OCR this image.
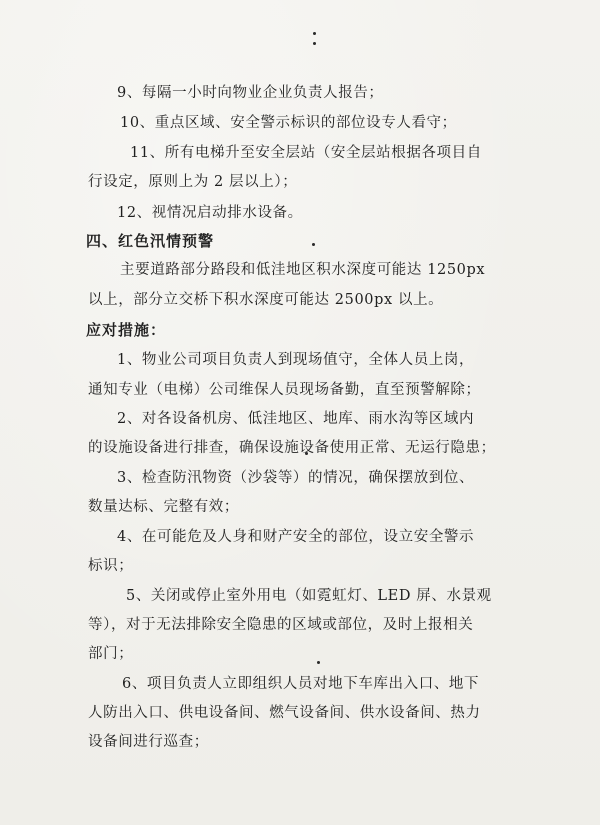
9、每隔一小时向物业企业负责人报告；
10、重点区域、安全警示标识的部位设专人看守；
11、所有电梯升至安全层站（安全层站根据各项目自
行设定，原则上为 2 层以上）；
12、视情况启动排水设备。
四、红色汛情预警
主要道路部分路段和低洼地区积水深度可能达 1250px
以上，部分立交桥下积水深度可能达 2500px 以上。
应对措施：
1、物业公司项目负责人到现场值守，全体人员上岗，
通知专业（电梯）公司维保人员现场备勤，直至预警解除；
2、对各设备机房、低洼地区、地库、雨水沟等区域内
的设施设备进行排查，确保设施设备使用正常、无运行隐患；
3、检查防汛物资（沙袋等）的情况，确保摆放到位、
数量达标、完整有效；
4、在可能危及人身和财产安全的部位，设立安全警示
标识；
5、关闭或停止室外用电（如霓虹灯、LED 屏、水景观
等），对于无法排除安全隐患的区域或部位，及时上报相关
部门；
6、项目负责人立即组织人员对地下车库出入口、地下
人防出入口、供电设备间、燃气设备间、供水设备间、热力
设备间进行巡查；
